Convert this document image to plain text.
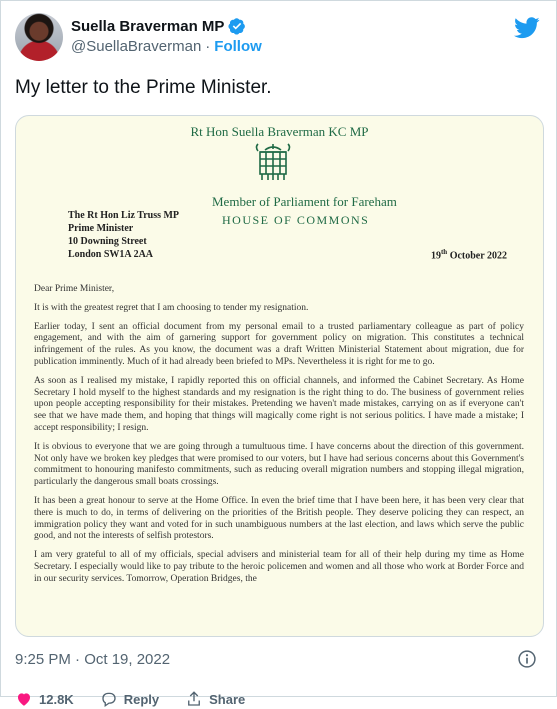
Suella Braverman MP
@SuellaBraverman · Follow
My letter to the Prime Minister.
Rt Hon Suella Braverman KC MP
Member of Parliament for Fareham
HOUSE OF COMMONS
The Rt Hon Liz Truss MP
Prime Minister
10 Downing Street
London SW1A 2AA	19th October 2022

Dear Prime Minister,

It is with the greatest regret that I am choosing to tender my resignation.

Earlier today, I sent an official document from my personal email to a trusted parliamentary colleague as part of policy engagement, and with the aim of garnering support for government policy on migration. This constitutes a technical infringement of the rules. As you know, the document was a draft Written Ministerial Statement about migration, due for publication imminently. Much of it had already been briefed to MPs. Nevertheless it is right for me to go.

As soon as I realised my mistake, I rapidly reported this on official channels, and informed the Cabinet Secretary. As Home Secretary I hold myself to the highest standards and my resignation is the right thing to do. The business of government relies upon people accepting responsibility for their mistakes. Pretending we haven't made mistakes, carrying on as if everyone can't see that we have made them, and hoping that things will magically come right is not serious politics. I have made a mistake; I accept responsibility; I resign.

It is obvious to everyone that we are going through a tumultuous time. I have concerns about the direction of this government. Not only have we broken key pledges that were promised to our voters, but I have had serious concerns about this Government's commitment to honouring manifesto commitments, such as reducing overall migration numbers and stopping illegal migration, particularly the dangerous small boats crossings.

It has been a great honour to serve at the Home Office. In even the brief time that I have been here, it has been very clear that there is much to do, in terms of delivering on the priorities of the British people. They deserve policing they can respect, an immigration policy they want and voted for in such unambiguous numbers at the last election, and laws which serve the public good, and not the interests of selfish protestors.

I am very grateful to all of my officials, special advisers and ministerial team for all of their help during my time as Home Secretary. I especially would like to pay tribute to the heroic policemen and women and all those who work at Border Force and in our security services. Tomorrow, Operation Bridges, the

9:25 PM · Oct 19, 2022
12.8K	Reply	Share
